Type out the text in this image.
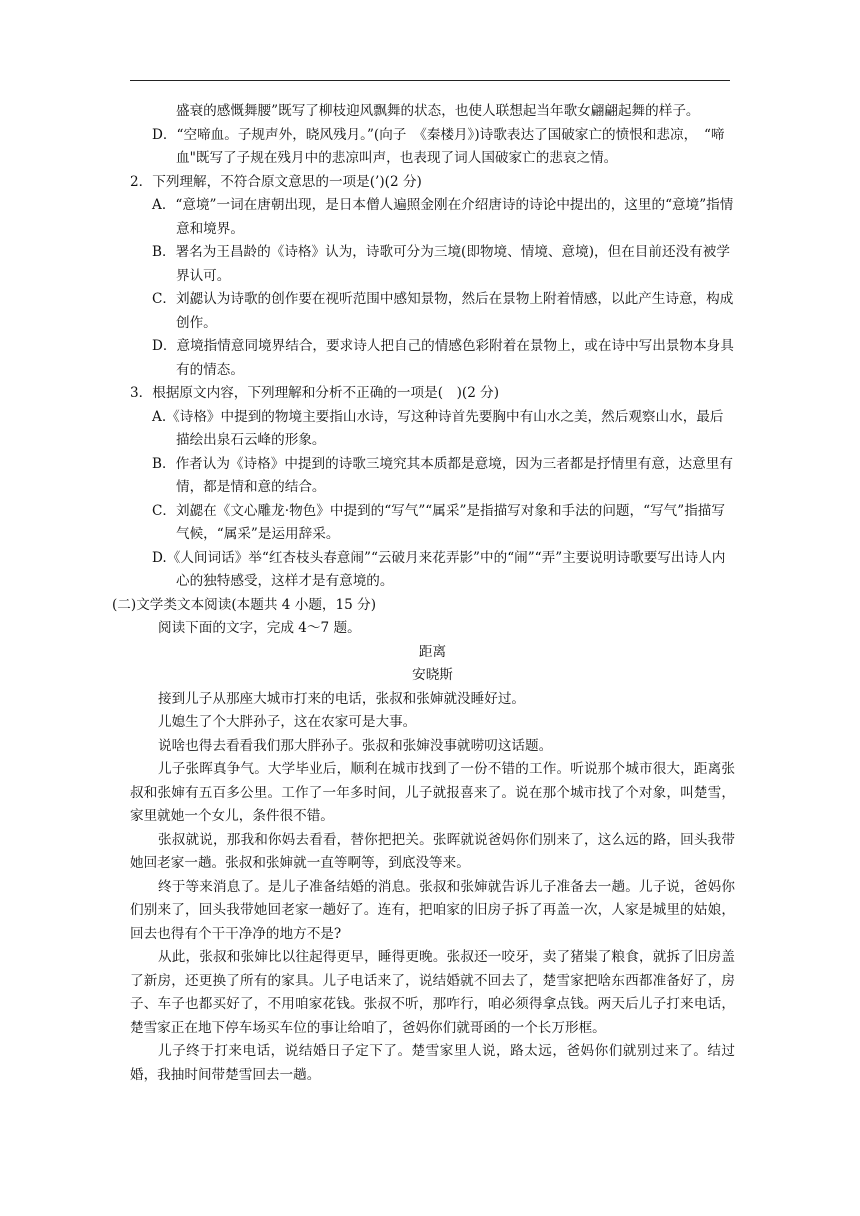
盛衰的感慨舞腰”既写了柳枝迎风飘舞的状态，也使人联想起当年歌女翩翩起舞的样子。

D．“空啼血。子规声外，晓风残月。”(向子　《秦楼月》)诗歌表达了国破家亡的愤恨和悲凉，　“啼血"既写了子规在残月中的悲凉叫声，也表现了词人国破家亡的悲哀之情。

2．下列理解，不符合原文意思的一项是(’)(2 分)

A．“意境”一词在唐朝出现，是日本僧人遍照金刚在介绍唐诗的诗论中提出的，这里的“意境”指情意和境界。

B．署名为王昌龄的《诗格》认为，诗歌可分为三境(即物境、情境、意境)，但在目前还没有被学界认可。

C．刘勰认为诗歌的创作要在视听范围中感知景物，然后在景物上附着情感，以此产生诗意，构成创作。

D．意境指情意同境界结合，要求诗人把自己的情感色彩附着在景物上，或在诗中写出景物本身具有的情态。

3．根据原文内容，下列理解和分析不正确的一项是(　)(2 分)

A.《诗格》中提到的物境主要指山水诗，写这种诗首先要胸中有山水之美，然后观察山水，最后描绘出泉石云峰的形象。

B．作者认为《诗格》中提到的诗歌三境究其本质都是意境，因为三者都是抒情里有意，达意里有情，都是情和意的结合。

C．刘勰在《文心雕龙·物色》中提到的“写气”“属采”是指描写对象和手法的问题，“写气”指描写气候，“属采”是运用辞采。

D.《人间词话》举“红杏枝头春意闹”“云破月来花弄影”中的“闹”“弄”主要说明诗歌要写出诗人内心的独特感受，这样才是有意境的。

(二)文学类文本阅读(本题共 4 小题，15 分)

阅读下面的文字，完成 4～7 题。

距离

安晓斯

接到儿子从那座大城市打来的电话，张叔和张婶就没睡好过。

儿媳生了个大胖孙子，这在农家可是大事。

说啥也得去看看我们那大胖孙子。张叔和张婶没事就唠叨这话题。

儿子张晖真争气。大学毕业后，顺利在城市找到了一份不错的工作。听说那个城市很大，距离张叔和张婶有五百多公里。工作了一年多时间，儿子就报喜来了。说在那个城市找了个对象，叫楚雪，家里就她一个女儿，条件很不错。

张叔就说，那我和你妈去看看，替你把把关。张晖就说爸妈你们别来了，这么远的路，回头我带她回老家一趟。张叔和张婶就一直等啊等，到底没等来。

终于等来消息了。是儿子准备结婚的消息。张叔和张婶就告诉儿子准备去一趟。儿子说，爸妈你们别来了，回头我带她回老家一趟好了。连有，把咱家的旧房子拆了再盖一次，人家是城里的姑娘，回去也得有个干干净净的地方不是?

从此，张叔和张婶比以往起得更早，睡得更晚。张叔还一咬牙，卖了猪粜了粮食，就拆了旧房盖了新房，还更换了所有的家具。儿子电话来了，说结婚就不回去了，楚雪家把啥东西都准备好了，房子、车子也都买好了，不用咱家花钱。张叔不听，那咋行，咱必须得拿点钱。两天后儿子打来电话，楚雪家正在地下停车场买车位的事让给咱了，爸妈你们就哥函的一个长万形框。

儿子终于打来电话，说结婚日子定下了。楚雪家里人说，路太远，爸妈你们就别过来了。结过婚，我抽时间带楚雪回去一趟。
